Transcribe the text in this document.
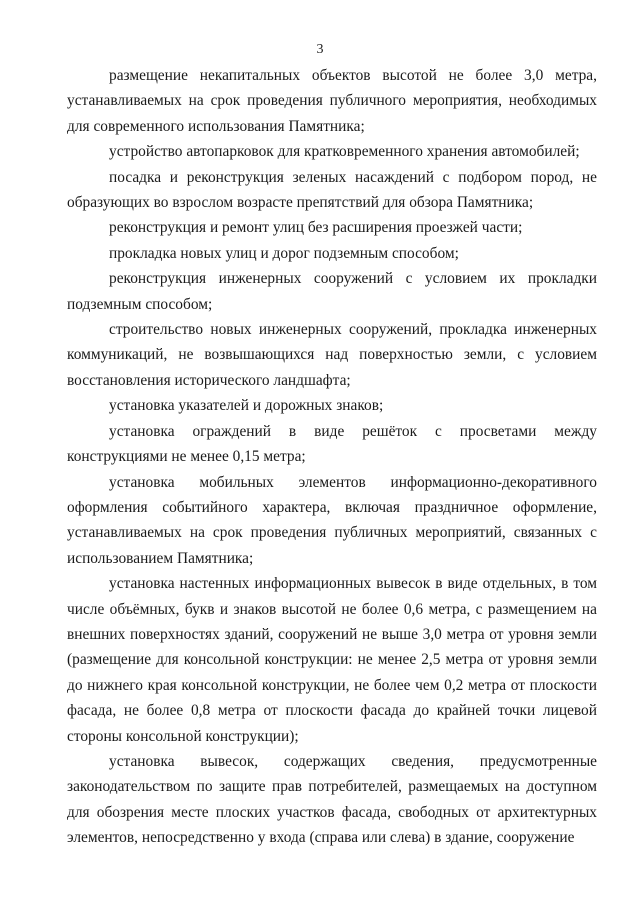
3

размещение некапитальных объектов высотой не более 3,0 метра, устанавливаемых на срок проведения публичного мероприятия, необходимых для современного использования Памятника;

устройство автопарковок для кратковременного хранения автомобилей;

посадка и реконструкция зеленых насаждений с подбором пород, не образующих во взрослом возрасте препятствий для обзора Памятника;

реконструкция и ремонт улиц без расширения проезжей части;

прокладка новых улиц и дорог подземным способом;

реконструкция инженерных сооружений с условием их прокладки подземным способом;

строительство новых инженерных сооружений, прокладка инженерных коммуникаций, не возвышающихся над поверхностью земли, с условием восстановления исторического ландшафта;

установка указателей и дорожных знаков;

установка ограждений в виде решёток с просветами между конструкциями не менее 0,15 метра;

установка мобильных элементов информационно-декоративного оформления событийного характера, включая праздничное оформление, устанавливаемых на срок проведения публичных мероприятий, связанных с использованием Памятника;

установка настенных информационных вывесок в виде отдельных, в том числе объёмных, букв и знаков высотой не более 0,6 метра, с размещением на внешних поверхностях зданий, сооружений не выше 3,0 метра от уровня земли (размещение для консольной конструкции: не менее 2,5 метра от уровня земли до нижнего края консольной конструкции, не более чем 0,2 метра от плоскости фасада, не более 0,8 метра от плоскости фасада до крайней точки лицевой стороны консольной конструкции);

установка вывесок, содержащих сведения, предусмотренные законодательством по защите прав потребителей, размещаемых на доступном для обозрения месте плоских участков фасада, свободных от архитектурных элементов, непосредственно у входа (справа или слева) в здание, сооружение
